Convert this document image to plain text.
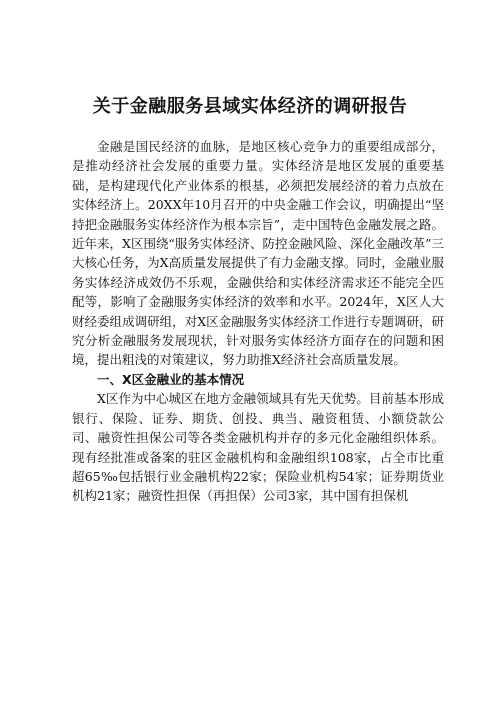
关于金融服务县域实体经济的调研报告

金融是国民经济的血脉，是地区核心竞争力的重要组成部分，是推动经济社会发展的重要力量。实体经济是地区发展的重要基础，是构建现代化产业体系的根基，必须把发展经济的着力点放在实体经济上。20XX年10月召开的中央金融工作会议，明确提出“坚持把金融服务实体经济作为根本宗旨”，走中国特色金融发展之路。近年来，X区围绕“服务实体经济、防控金融风险、深化金融改革”三大核心任务，为X高质量发展提供了有力金融支撑。同时，金融业服务实体经济成效仍不乐观，金融供给和实体经济需求还不能完全匹配等，影响了金融服务实体经济的效率和水平。2024年，X区人大财经委组成调研组，对X区金融服务实体经济工作进行专题调研，研究分析金融服务发展现状，针对服务实体经济方面存在的问题和困境，提出粗浅的对策建议，努力助推X经济社会高质量发展。

一、X区金融业的基本情况

X区作为中心城区在地方金融领域具有先天优势。目前基本形成银行、保险、证券、期货、创投、典当、融资租赁、小额贷款公司、融资性担保公司等各类金融机构并存的多元化金融组织体系。现有经批准或备案的驻区金融机构和金融组织108家，占全市比重超65‰包括银行业金融机构22家；保险业机构54家；证券期货业机构21家；融资性担保（再担保）公司3家，其中国有担保机
